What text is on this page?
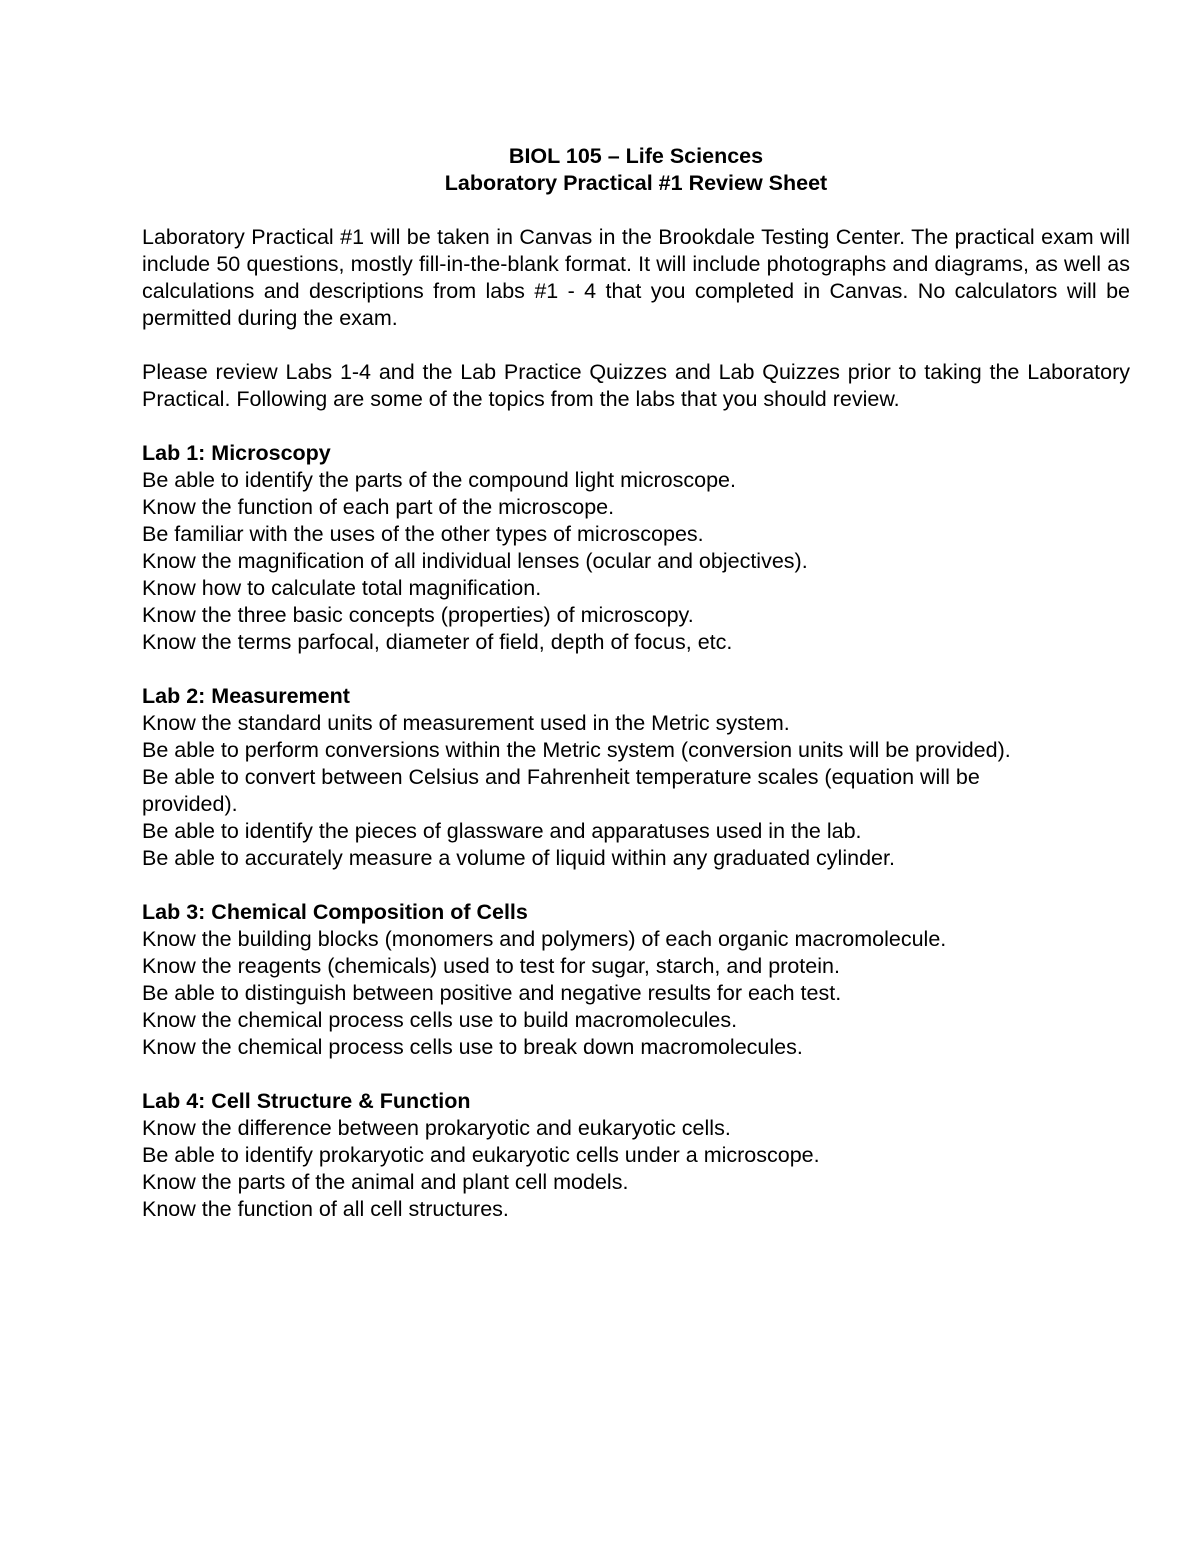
BIOL 105 – Life Sciences

Laboratory Practical #1 Review Sheet

Laboratory Practical #1 will be taken in Canvas in the Brookdale Testing Center. The practical exam will include 50 questions, mostly fill-in-the-blank format. It will include photographs and diagrams, as well as calculations and descriptions from labs #1 - 4 that you completed in Canvas. No calculators will be permitted during the exam.

Please review Labs 1-4 and the Lab Practice Quizzes and Lab Quizzes prior to taking the Laboratory Practical. Following are some of the topics from the labs that you should review.

Lab 1: Microscopy

Be able to identify the parts of the compound light microscope.

Know the function of each part of the microscope.

Be familiar with the uses of the other types of microscopes.

Know the magnification of all individual lenses (ocular and objectives).

Know how to calculate total magnification.

Know the three basic concepts (properties) of microscopy.

Know the terms parfocal, diameter of field, depth of focus, etc.

Lab 2: Measurement

Know the standard units of measurement used in the Metric system.

Be able to perform conversions within the Metric system (conversion units will be provided).

Be able to convert between Celsius and Fahrenheit temperature scales (equation will be provided).

Be able to identify the pieces of glassware and apparatuses used in the lab.

Be able to accurately measure a volume of liquid within any graduated cylinder.

Lab 3: Chemical Composition of Cells

Know the building blocks (monomers and polymers) of each organic macromolecule.

Know the reagents (chemicals) used to test for sugar, starch, and protein.

Be able to distinguish between positive and negative results for each test.

Know the chemical process cells use to build macromolecules.

Know the chemical process cells use to break down macromolecules.

Lab 4: Cell Structure & Function

Know the difference between prokaryotic and eukaryotic cells.

Be able to identify prokaryotic and eukaryotic cells under a microscope.

Know the parts of the animal and plant cell models.

Know the function of all cell structures.
